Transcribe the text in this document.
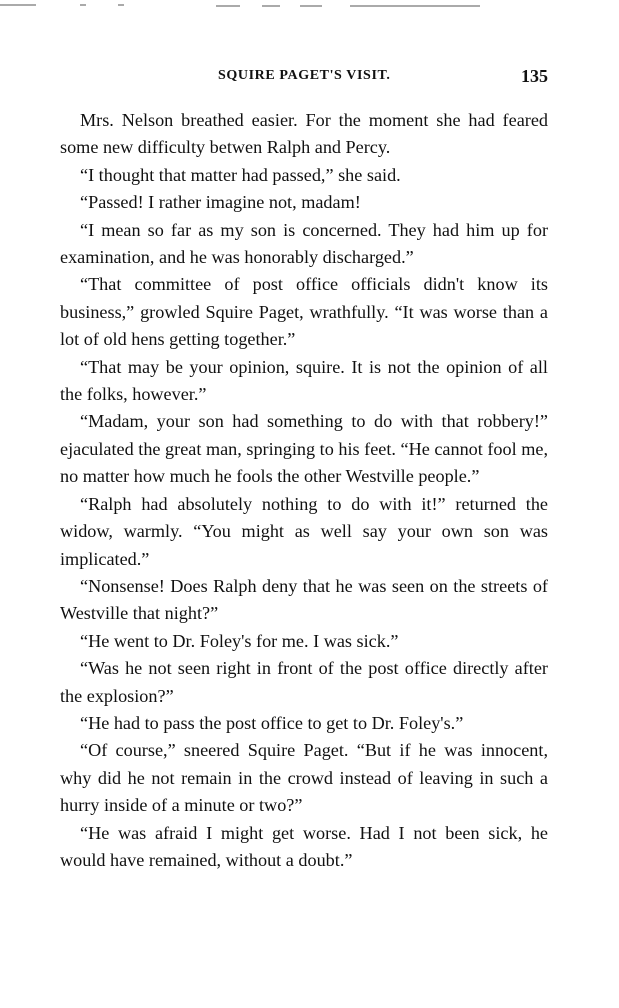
SQUIRE PAGET'S VISIT.	135

Mrs. Nelson breathed easier. For the moment she had feared some new difficulty betwen Ralph and Percy.

“I thought that matter had passed,” she said.

“Passed! I rather imagine not, madam!

“I mean so far as my son is concerned. They had him up for examination, and he was honorably discharged.”

“That committee of post office officials didn't know its business,” growled Squire Paget, wrathfully. “It was worse than a lot of old hens getting together.”

“That may be your opinion, squire. It is not the opinion of all the folks, however.”

“Madam, your son had something to do with that robbery!” ejaculated the great man, springing to his feet. “He cannot fool me, no matter how much he fools the other Westville people.”

“Ralph had absolutely nothing to do with it!” returned the widow, warmly. “You might as well say your own son was implicated.”

“Nonsense! Does Ralph deny that he was seen on the streets of Westville that night?”

“He went to Dr. Foley's for me. I was sick.”

“Was he not seen right in front of the post office directly after the explosion?”

“He had to pass the post office to get to Dr. Foley's.”

“Of course,” sneered Squire Paget. “But if he was innocent, why did he not remain in the crowd instead of leaving in such a hurry inside of a minute or two?”

“He was afraid I might get worse. Had I not been sick, he would have remained, without a doubt.”
